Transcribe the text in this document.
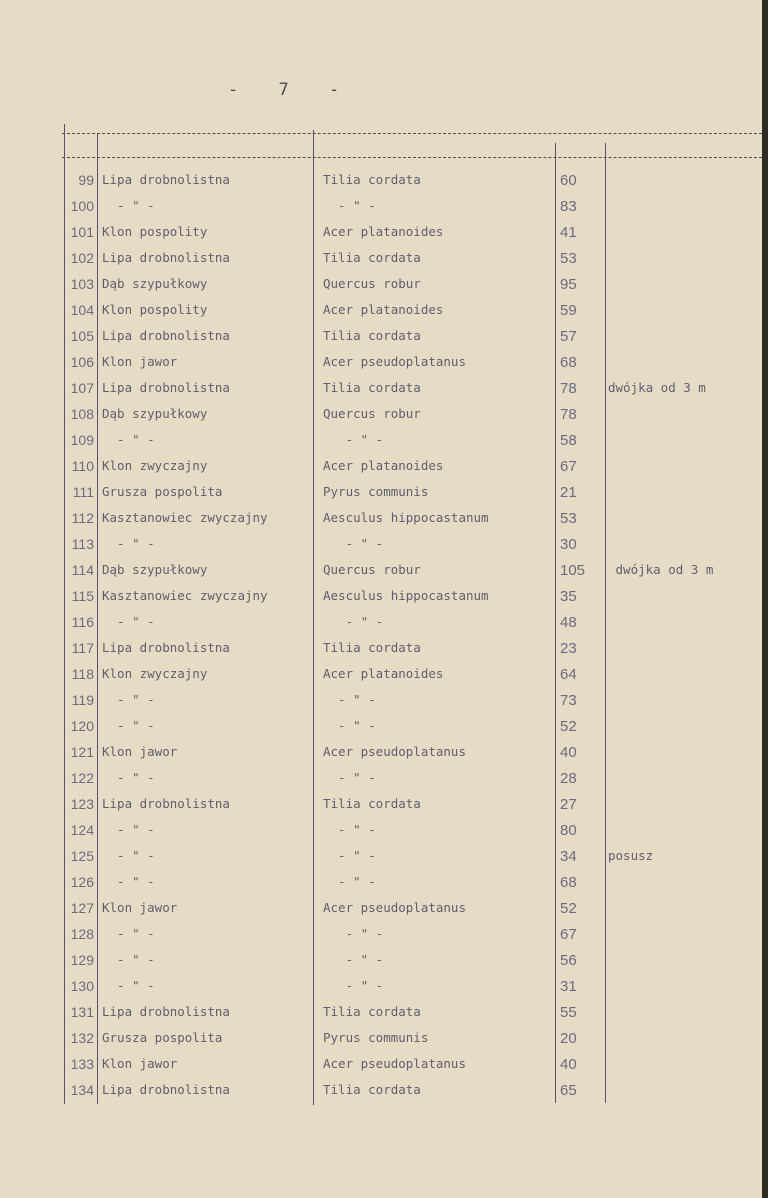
- 7 -
99 Lipa drobnolistna	Tilia cordata	60
100 - " -	- " -	83
101 Klon pospolity	Acer platanoides	41
102 Lipa drobnolistna	Tilia cordata	53
103 Dąb szypułkowy	Quercus robur	95
104 Klon pospolity	Acer platanoides	59
105 Lipa drobnolistna	Tilia cordata	57
106 Klon jawor	Acer pseudoplatanus	68
107 Lipa drobnolistna	Tilia cordata	78	dwójka od 3 m
108 Dąb szypułkowy	Quercus robur	78
109 - " -	- " -	58
110 Klon zwyczajny	Acer platanoides	67
111 Grusza pospolita	Pyrus communis	21
112 Kasztanowiec zwyczajny	Aesculus hippocastanum	53
113 - " -	- " -	30
114 Dąb szypułkowy	Quercus robur	105	dwójka od 3 m
115 Kasztanowiec zwyczajny	Aesculus hippocastanum	35
116 - " -	- " -	48
117 Lipa drobnolistna	Tilia cordata	23
118 Klon zwyczajny	Acer platanoides	64
119 - " -	- " -	73
120 - " -	- " -	52
121 Klon jawor	Acer pseudoplatanus	40
122 - " -	- " -	28
123 Lipa drobnolistna	Tilia cordata	27
124 - " -	- " -	80
125 - " -	- " -	34	posusz
126 - " -	- " -	68
127 Klon jawor	Acer pseudoplatanus	52
128 - " -	- " -	67
129 - " -	- " -	56
130 - " -	- " -	31
131 Lipa drobnolistna	Tilia cordata	55
132 Grusza pospolita	Pyrus communis	20
133 Klon jawor	Acer pseudoplatanus	40
134 Lipa drobnolistna	Tilia cordata	65
